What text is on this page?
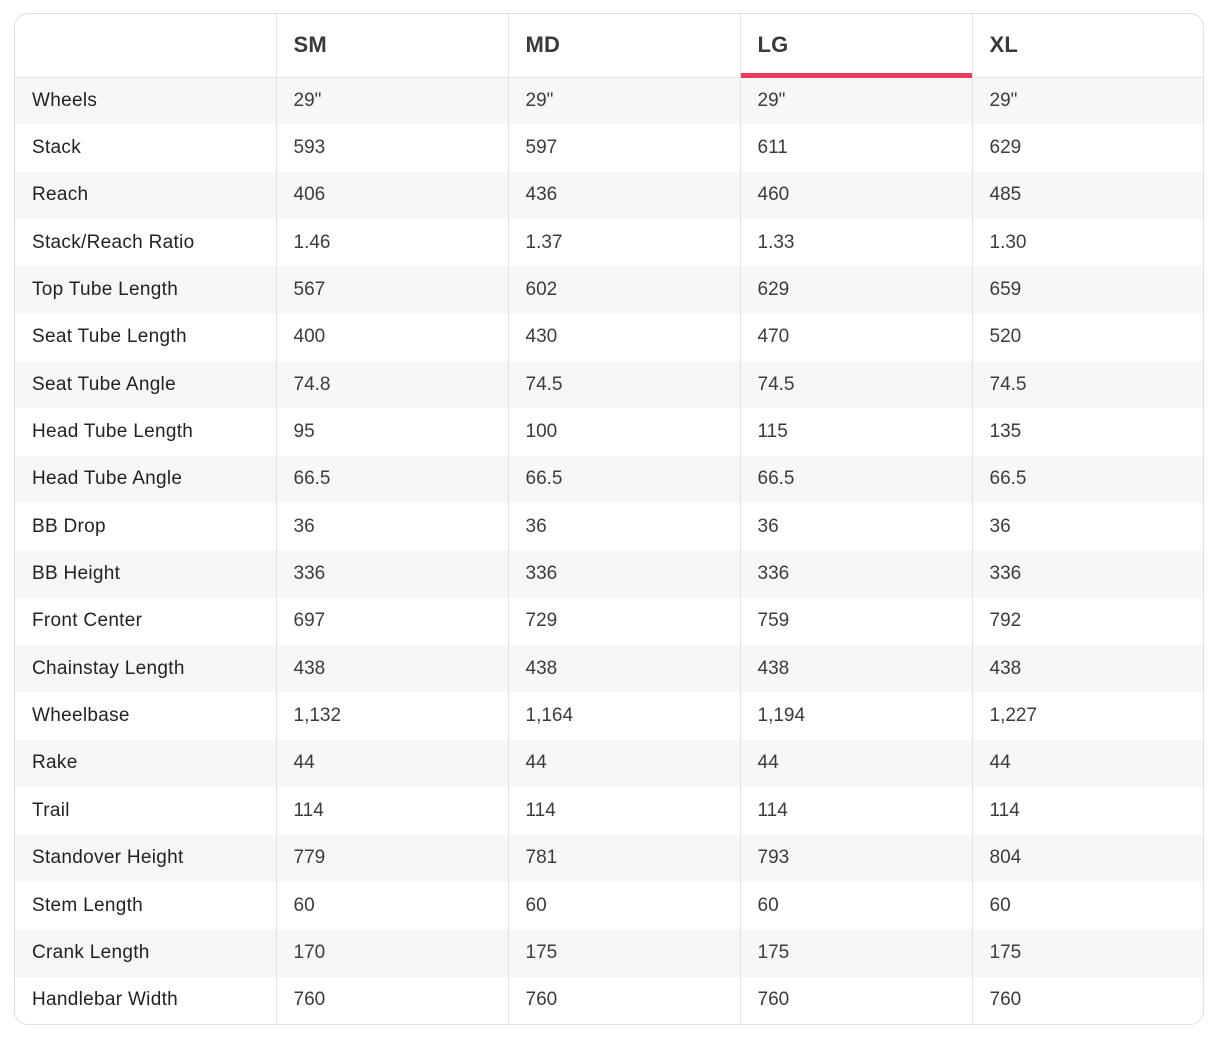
	SM	MD	LG	XL
Wheels	29"	29"	29"	29"
Stack	593	597	611	629
Reach	406	436	460	485
Stack/Reach Ratio	1.46	1.37	1.33	1.30
Top Tube Length	567	602	629	659
Seat Tube Length	400	430	470	520
Seat Tube Angle	74.8	74.5	74.5	74.5
Head Tube Length	95	100	115	135
Head Tube Angle	66.5	66.5	66.5	66.5
BB Drop	36	36	36	36
BB Height	336	336	336	336
Front Center	697	729	759	792
Chainstay Length	438	438	438	438
Wheelbase	1,132	1,164	1,194	1,227
Rake	44	44	44	44
Trail	114	114	114	114
Standover Height	779	781	793	804
Stem Length	60	60	60	60
Crank Length	170	175	175	175
Handlebar Width	760	760	760	760
